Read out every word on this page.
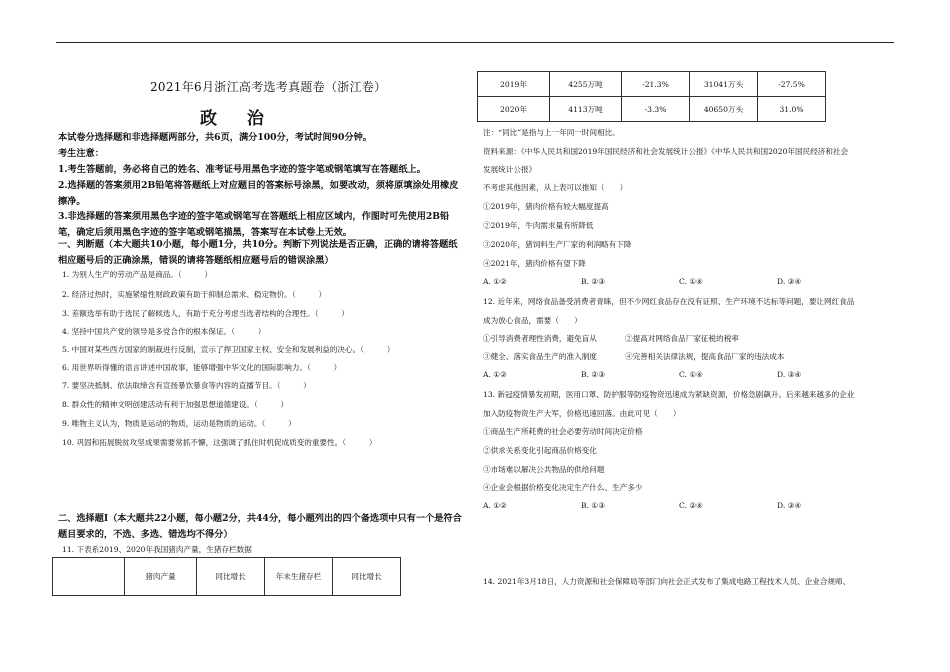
2021年6月浙江高考选考真题卷（浙江卷）
政 治
本试卷分选择题和非选择题两部分，共6页，满分100分，考试时间90分钟。
考生注意：
1.考生答题前，务必将自己的姓名、准考证号用黑色字迹的签字笔或钢笔填写在答题纸上。
2.选择题的答案须用2B铅笔将答题纸上对应题目的答案标号涂黑，如要改动，须将原填涂处用橡皮擦净。
3.非选择题的答案须用黑色字迹的签字笔或钢笔写在答题纸上相应区域内，作图时可先使用2B铅笔，确定后须用黑色字迹的签字笔或钢笔描黑，答案写在本试卷上无效。
一、判断题（本大题共10小题，每小题1分，共10分。判断下列说法是否正确，正确的请将答题纸相应题号后的正确涂黑，错误的请将答题纸相应题号后的错误涂黑）
1. 为别人生产的劳动产品是商品。（　　　）
2. 经济过热时，实施紧缩性财政政策有助于抑制总需求、稳定物价。（　　　）
3. 差额选举有助于选民了解候选人，有助于充分考虑当选者结构的合理性。（　　　）
4. 坚持中国共产党的领导是多党合作的根本保证。（　　　）
5. 中国对某些西方国家的制裁进行反制，宣示了捍卫国家主权、安全和发展利益的决心。（　　　）
6. 用世界听得懂的语言讲述中国故事，能够增强中华文化的国际影响力。（　　　）
7. 要坚决抵制、依法取缔含有宣扬暴饮暴食等内容的直播节目。（　　　）
8. 群众性的精神文明创建活动有利于加强思想道德建设。（　　　）
9. 唯物主义认为，物质是运动的物质，运动是物质的运动。（　　　）
10. 巩固和拓展脱贫攻坚成果需要常抓不懈，这强调了抓住时机促成质变的重要性。（　　　）
二、选择题Ⅰ（本大题共22小题，每小题2分，共44分，每小题列出的四个备选项中只有一个是符合题目要求的，不选、多选、错选均不得分）
11. 下表系2019、2020年我国猪肉产量，生猪存栏数据
	猪肉产量	同比增长	年末生猪存栏	同比增长
2019年	4255万吨	-21.3%	31041万头	-27.5%
2020年	4113万吨	-3.3%	40650万头	31.0%
注：“同比”是指与上一年同一时间相比。
资料来源：《中华人民共和国2019年国民经济和社会发展统计公报》《中华人民共和国2020年国民经济和社会
发展统计公报》
不考虑其他因素，从上表可以推知（　　）
①2019年，猪肉价格有较大幅度提高
②2019年，牛肉需求量有所降低
③2020年，猪饲料生产厂家的利润略有下降
④2021年，猪肉价格有望下降
A. ①②	B. ②③	C. ①④	D. ③④
12. 近年来，网络食品备受消费者青睐，但不少网红食品存在没有证照、生产环境不达标等问题，要让网红食品
成为放心食品，需要（　　）
①引导消费者理性消费，避免盲从	②提高对网络食品厂家征税的税率
③健全、落实食品生产的准入制度	④完善相关法律法规，提高食品厂家的违法成本
A. ①②	B. ②③	C. ①④	D. ③④
13. 新冠疫情暴发初期，医用口罩、防护服等防疫物资迅速成为紧缺资源，价格急剧飙升。后来越来越多的企业
加入防疫物资生产大军，价格迅速回落。由此可见（　　）
①商品生产所耗费的社会必要劳动时间决定价格
②供求关系变化引起商品价格变化
③市场难以解决公共物品的供给问题
④企业会根据价格变化决定生产什么、生产多少
A. ①②	B. ①③	C. ②④	D. ③④
14. 2021年3月18日，人力资源和社会保障局等部门向社会正式发布了集成电路工程技术人员、企业合规师、
